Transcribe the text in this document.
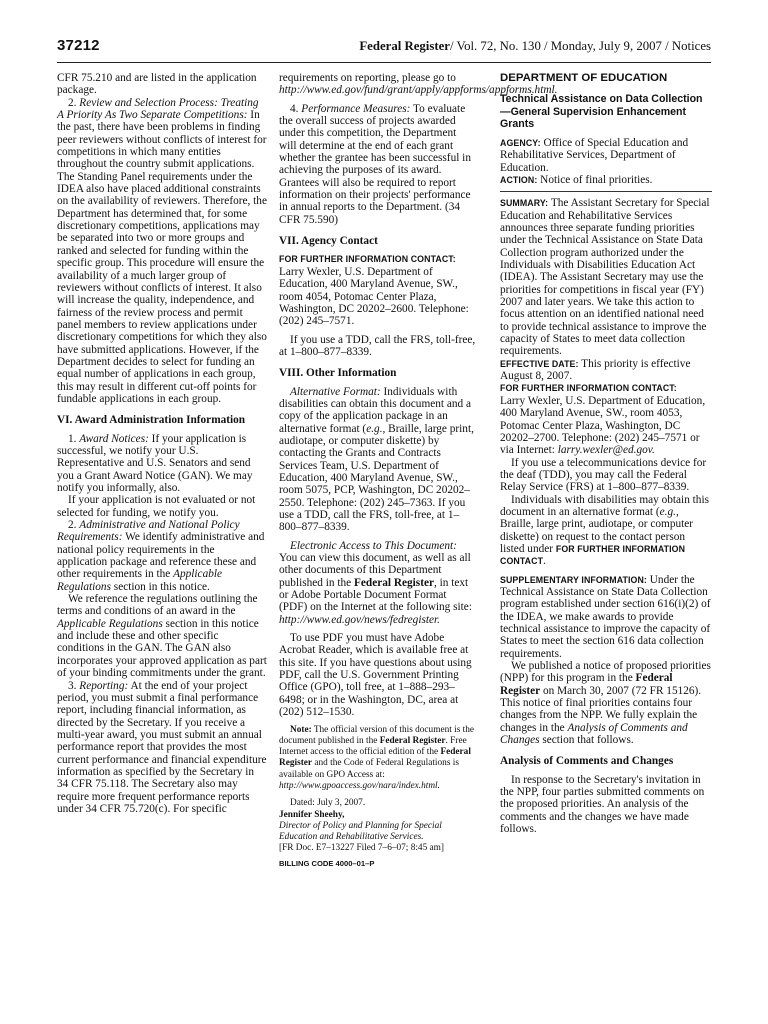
37212	Federal Register/ Vol. 72, No. 130 / Monday, July 9, 2007 / Notices

CFR 75.210 and are listed in the application package.

2. Review and Selection Process: Treating A Priority As Two Separate Competitions: In the past, there have been problems in finding peer reviewers without conflicts of interest for competitions in which many entities throughout the country submit applications. The Standing Panel requirements under the IDEA also have placed additional constraints on the availability of reviewers. Therefore, the Department has determined that, for some discretionary competitions, applications may be separated into two or more groups and ranked and selected for funding within the specific group. This procedure will ensure the availability of a much larger group of reviewers without conflicts of interest. It also will increase the quality, independence, and fairness of the review process and permit panel members to review applications under discretionary competitions for which they also have submitted applications. However, if the Department decides to select for funding an equal number of applications in each group, this may result in different cut-off points for fundable applications in each group.

VI. Award Administration Information

1. Award Notices: If your application is successful, we notify your U.S. Representative and U.S. Senators and send you a Grant Award Notice (GAN). We may notify you informally, also.

If your application is not evaluated or not selected for funding, we notify you.

2. Administrative and National Policy Requirements: We identify administrative and national policy requirements in the application package and reference these and other requirements in the Applicable Regulations section in this notice.

We reference the regulations outlining the terms and conditions of an award in the Applicable Regulations section in this notice and include these and other specific conditions in the GAN. The GAN also incorporates your approved application as part of your binding commitments under the grant.

3. Reporting: At the end of your project period, you must submit a final performance report, including financial information, as directed by the Secretary. If you receive a multi-year award, you must submit an annual performance report that provides the most current performance and financial expenditure information as specified by the Secretary in 34 CFR 75.118. The Secretary also may require more frequent performance reports under 34 CFR 75.720(c). For specific

requirements on reporting, please go to http://www.ed.gov/fund/grant/apply/appforms/appforms.html.

4. Performance Measures: To evaluate the overall success of projects awarded under this competition, the Department will determine at the end of each grant whether the grantee has been successful in achieving the purposes of its award. Grantees will also be required to report information on their projects' performance in annual reports to the Department. (34 CFR 75.590)

VII. Agency Contact

FOR FURTHER INFORMATION CONTACT:

Larry Wexler, U.S. Department of Education, 400 Maryland Avenue, SW., room 4054, Potomac Center Plaza, Washington, DC 20202–2600. Telephone: (202) 245–7571.

If you use a TDD, call the FRS, toll-free, at 1–800–877–8339.

VIII. Other Information

Alternative Format: Individuals with disabilities can obtain this document and a copy of the application package in an alternative format (e.g., Braille, large print, audiotape, or computer diskette) by contacting the Grants and Contracts Services Team, U.S. Department of Education, 400 Maryland Avenue, SW., room 5075, PCP, Washington, DC 20202–2550. Telephone: (202) 245–7363. If you use a TDD, call the FRS, toll-free, at 1–800–877–8339.

Electronic Access to This Document: You can view this document, as well as all other documents of this Department published in the Federal Register, in text or Adobe Portable Document Format (PDF) on the Internet at the following site: http://www.ed.gov/news/fedregister.

To use PDF you must have Adobe Acrobat Reader, which is available free at this site. If you have questions about using PDF, call the U.S. Government Printing Office (GPO), toll free, at 1–888–293–6498; or in the Washington, DC, area at (202) 512–1530.

Note: The official version of this document is the document published in the Federal Register. Free Internet access to the official edition of the Federal Register and the Code of Federal Regulations is available on GPO Access at: http://www.gpoaccess.gov/nara/index.html.

Dated: July 3, 2007.

Jennifer Sheehy,

Director of Policy and Planning for Special Education and Rehabilitative Services.

[FR Doc. E7–13227 Filed 7–6–07; 8:45 am]

BILLING CODE 4000–01–P

DEPARTMENT OF EDUCATION

Technical Assistance on Data Collection—General Supervision Enhancement Grants

AGENCY: Office of Special Education and Rehabilitative Services, Department of Education.

ACTION: Notice of final priorities.

SUMMARY: The Assistant Secretary for Special Education and Rehabilitative Services announces three separate funding priorities under the Technical Assistance on State Data Collection program authorized under the Individuals with Disabilities Education Act (IDEA). The Assistant Secretary may use the priorities for competitions in fiscal year (FY) 2007 and later years. We take this action to focus attention on an identified national need to provide technical assistance to improve the capacity of States to meet data collection requirements.

EFFECTIVE DATE: This priority is effective August 8, 2007.

FOR FURTHER INFORMATION CONTACT:

Larry Wexler, U.S. Department of Education, 400 Maryland Avenue, SW., room 4053, Potomac Center Plaza, Washington, DC 20202–2700. Telephone: (202) 245–7571 or via Internet: larry.wexler@ed.gov.

If you use a telecommunications device for the deaf (TDD), you may call the Federal Relay Service (FRS) at 1–800–877–8339.

Individuals with disabilities may obtain this document in an alternative format (e.g., Braille, large print, audiotape, or computer diskette) on request to the contact person listed under FOR FURTHER INFORMATION CONTACT.

SUPPLEMENTARY INFORMATION: Under the Technical Assistance on State Data Collection program established under section 616(i)(2) of the IDEA, we make awards to provide technical assistance to improve the capacity of States to meet the section 616 data collection requirements.

We published a notice of proposed priorities (NPP) for this program in the Federal Register on March 30, 2007 (72 FR 15126). This notice of final priorities contains four changes from the NPP. We fully explain the changes in the Analysis of Comments and Changes section that follows.

Analysis of Comments and Changes

In response to the Secretary's invitation in the NPP, four parties submitted comments on the proposed priorities. An analysis of the comments and the changes we have made follows.
